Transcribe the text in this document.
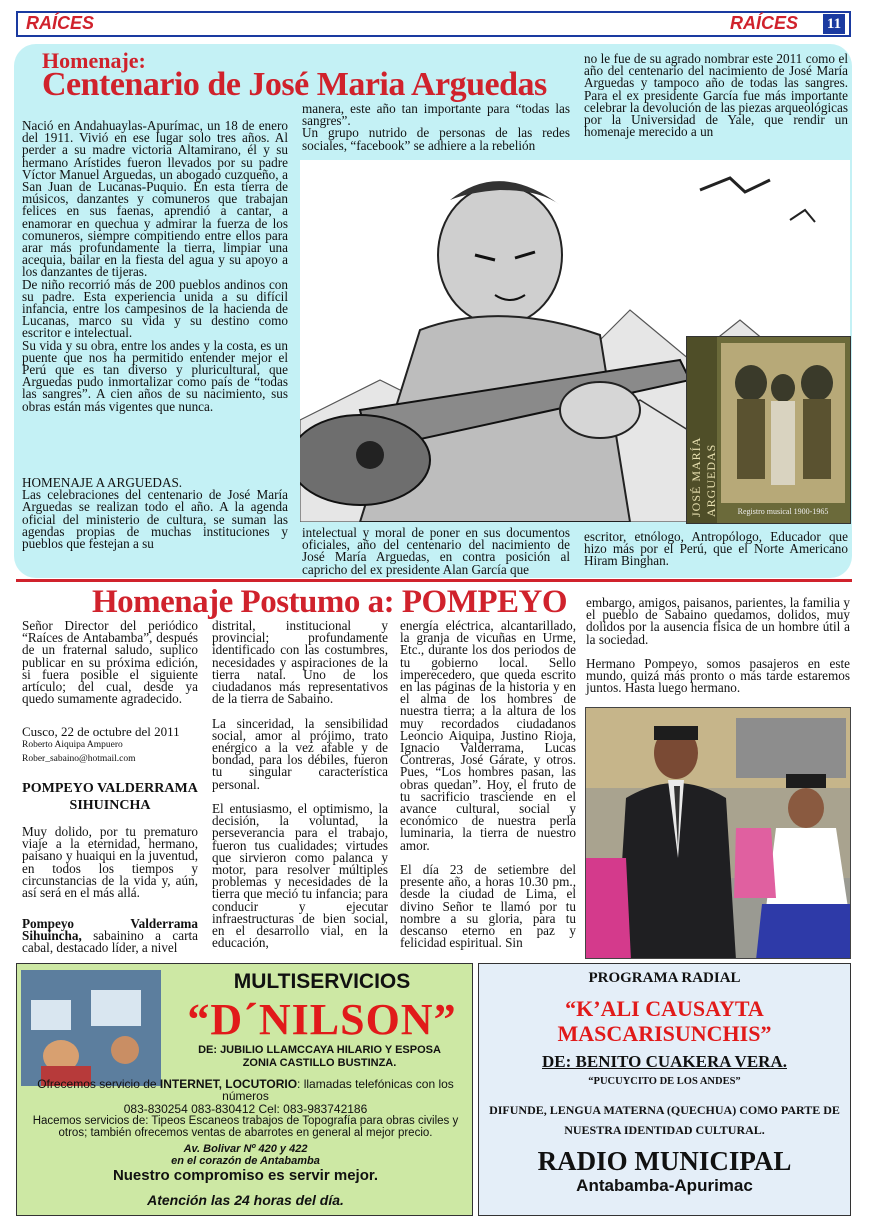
RAÍCES	RAÍCES 11
Homenaje:
Centenario de José Maria Arguedas
Nació en Andahuaylas-Apurímac, un 18 de enero del 1911. Vivió en ese lugar solo tres años. Al perder a su madre victoria Altamirano, él y su hermano Arístides fueron llevados por su padre Víctor Manuel Arguedas, un abogado cuzqueño, a San Juan de Lucanas-Puquio. En esta tierra de músicos, danzantes y comuneros que trabajan felices en sus faenas, aprendió a cantar, a enamorar en quechua y admirar la fuerza de los comuneros, siempre compitiendo entre ellos para arar más profundamente la tierra, limpiar una acequia, bailar en la fiesta del agua y su apoyo a los danzantes de tijeras.
De niño recorrió más de 200 pueblos andinos con su padre. Esta experiencia unida a su difícil infancia, entre los campesinos de la hacienda de Lucanas, marco su vida y su destino como escritor e intelectual.
Su vida y su obra, entre los andes y la costa, es un puente que nos ha permitido entender mejor el Perú que es tan diverso y pluricultural, que Arguedas pudo inmortalizar como país de “todas las sangres”. A cien años de su nacimiento, sus obras están más vigentes que nunca.
HOMENAJE A ARGUEDAS.
Las celebraciones del centenario de José María Arguedas se realizan todo el año. A la agenda oficial del ministerio de cultura, se suman las agendas propias de muchas instituciones y pueblos que festejan a su
manera, este año tan importante para “todas las sangres”.
Un grupo nutrido de personas de las redes sociales, “facebook” se adhiere a la rebelión
intelectual y moral de poner en sus documentos oficiales, año del centenario del nacimiento de José María Arguedas, en contra posición al capricho del ex presidente Alan García que
no le fue de su agrado nombrar este 2011 como el año del centenario del nacimiento de José María Arguedas y tampoco año de todas las sangres. Para el ex presidente García fue más importante celebrar la devolución de las piezas arqueológicas por la Universidad de Yale, que rendir un homenaje merecido a un
escritor, etnólogo, Antropólogo, Educador que hizo más por el Perú, que el Norte Americano Hiram Binghan.
JOSÉ MARÍA ARGUEDAS	Registro musical 1900-1965
Homenaje Postumo a: POMPEYO
Señor Director del periódico “Raíces de Antabamba”, después de un fraternal saludo, suplico publicar en su próxima edición, si fuera posible el siguiente artículo; del cual, desde ya quedo sumamente agradecido.
Cusco, 22 de octubre del 2011
Roberto Aiquipa Ampuero
Rober_sabaino@hotmail.com
POMPEYO VALDERRAMA SIHUINCHA
Muy dolido, por tu prematuro viaje a la eternidad, hermano, paisano y huaiqui en la juventud, en todos los tiempos y circunstancias de la vida y, aún, así será en el más allá.
Pompeyo Valderrama Sihuincha, sabainino a carta cabal, destacado líder, a nivel
distrital, institucional y provincial; profundamente identificado con las costumbres, necesidades y aspiraciones de la tierra natal. Uno de los ciudadanos más representativos de la tierra de Sabaino.

La sinceridad, la sensibilidad social, amor al prójimo, trato enérgico a la vez afable y de bondad, para los débiles, fueron tu singular característica personal.

El entusiasmo, el optimismo, la decisión, la voluntad, la perseverancia para el trabajo, fueron tus cualidades; virtudes que sirvieron como palanca y motor, para resolver múltiples problemas y necesidades de la tierra que meció tu infancia; para conducir y ejecutar infraestructuras de bien social, en el desarrollo vial, en la educación,
energía eléctrica, alcantarillado, la granja de vicuñas en Urme, Etc., durante los dos periodos de tu gobierno local. Sello imperecedero, que queda escrito en las páginas de la historia y en el alma de los hombres de nuestra tierra; a la altura de los muy recordados ciudadanos Leoncio Aiquipa, Justino Rioja, Ignacio Valderrama, Lucas Contreras, José Gárate, y otros. Pues, “Los hombres pasan, las obras quedan”. Hoy, el fruto de tu sacrificio trasciende en el avance cultural, social y económico de nuestra perla luminaria, la tierra de nuestro amor.

El día 23 de setiembre del presente año, a horas 10.30 pm., desde la ciudad de Lima, el divino Señor te llamó por tu nombre a su gloria, para tu descanso eterno en paz y felicidad espiritual. Sin
embargo, amigos, paisanos, parientes, la familia y el pueblo de Sabaino quedamos, dolidos, muy dolidos por la ausencia física de un hombre útil a la sociedad.

Hermano Pompeyo, somos pasajeros en este mundo, quizá más pronto o más tarde estaremos juntos. Hasta luego hermano.
MULTISERVICIOS
“D´NILSON”
DE: JUBILIO LLAMCCAYA HILARIO Y ESPOSA
ZONIA CASTILLO BUSTINZA.
Ofrecemos servicio de INTERNET, LOCUTORIO: llamadas telefónicas con los números
083-830254 083-830412 Cel: 083-983742186
Hacemos servicios de: Tipeos Escaneos trabajos de Topografía para obras civiles y otros; también ofrecemos ventas de abarrotes en general al mejor precio.
Av. Bolivar Nº 420 y 422
en el corazón de Antabamba
Nuestro compromiso es servir mejor.
Atención las 24 horas del día.
PROGRAMA RADIAL
“K’ALI CAUSAYTA MASCARISUNCHIS”
DE: BENITO CUAKERA VERA.
“PUCUYCITO DE LOS ANDES”
DIFUNDE, LENGUA MATERNA (QUECHUA) COMO PARTE DE NUESTRA IDENTIDAD CULTURAL.
RADIO MUNICIPAL
Antabamba-Apurimac
